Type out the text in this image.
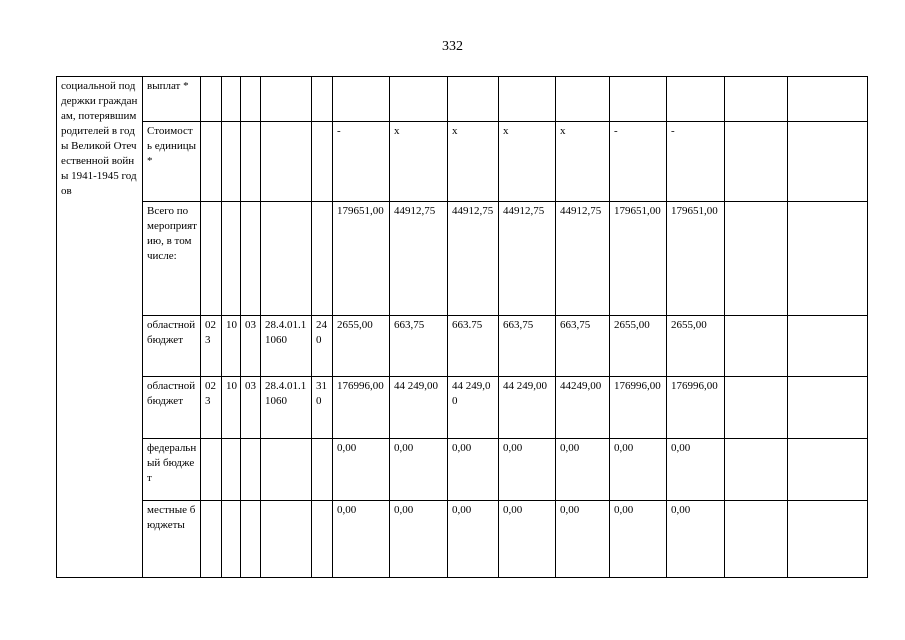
332
социальной поддержки гражданам, потерявшим родителей в годы Великой Отечественной войны 1941-1945 годов	выплат *														
	Стоимость единицы*						-	х	х	х	х	-	-		
	Всего по мероприятию, в том числе:						179651,00	44912,75	44912,75	44912,75	44912,75	179651,00	179651,00		
	областной бюджет	023	10	03	28.4.01.11060	240	2655,00	663,75	663.75	663,75	663,75	2655,00	2655,00		
	областной бюджет	023	10	03	28.4.01.11060	310	176996,00	44 249,00	44 249,00	44 249,00	44249,00	176996,00	176996,00		
	федеральный бюджет						0,00	0,00	0,00	0,00	0,00	0,00	0,00		
	местные бюджеты						0,00	0,00	0,00	0,00	0,00	0,00	0,00		
